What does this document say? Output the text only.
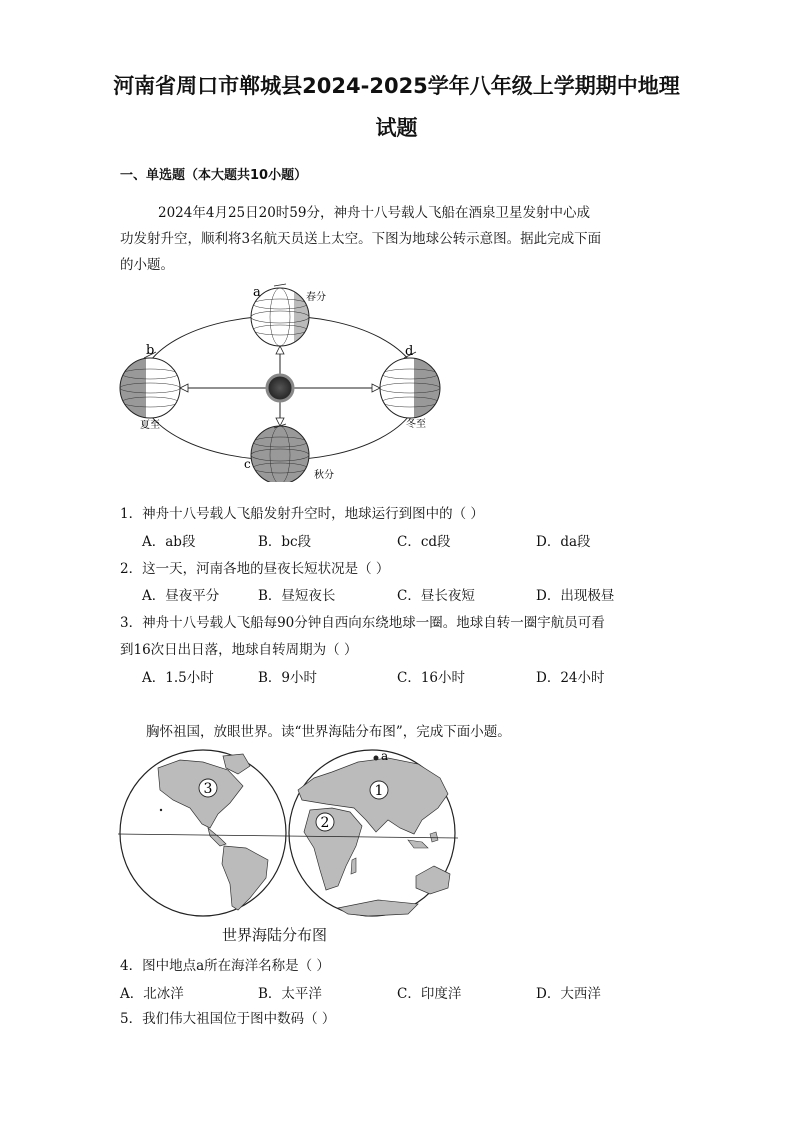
河南省周口市郸城县2024-2025学年八年级上学期期中地理
试题
一、单选题（本大题共10小题）
2024年4月25日20时59分，神舟十八号载人飞船在酒泉卫星发射中心成
功发射升空，顺利将3名航天员送上太空。下图为地球公转示意图。据此完成下面
的小题。
a
b
c
d
春分
夏至
秋分
冬至
1．神舟十八号载人飞船发射升空时，地球运行到图中的（ ）
A．ab段	B．bc段	C．cd段	D．da段
2．这一天，河南各地的昼夜长短状况是（ ）
A．昼夜平分	B．昼短夜长	C．昼长夜短	D．出现极昼
3．神舟十八号载人飞船每90分钟自西向东绕地球一圈。地球自转一圈宇航员可看
到16次日出日落，地球自转周期为（ ）
A．1.5小时	B．9小时	C．16小时	D．24小时
胸怀祖国，放眼世界。读“世界海陆分布图”，完成下面小题。
3	1
2
a
世界海陆分布图
4．图中地点a所在海洋名称是（ ）
A．北冰洋	B．太平洋	C．印度洋	D．大西洋
5．我们伟大祖国位于图中数码（ ）
